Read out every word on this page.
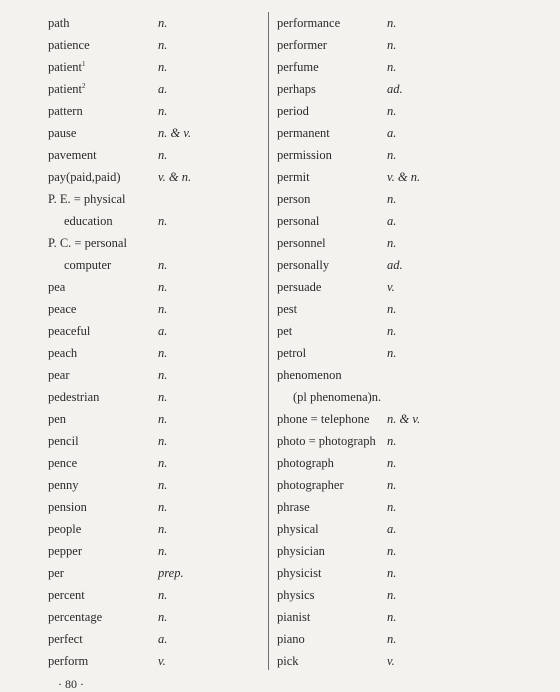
path	n.
patience	n.
patient$^1$	n.
patient$^2$	a.
pattern	n.
pause	n. & v.
pavement	n.
pay(paid,paid)	v. & n.
P. E. = physical
education	n.
P. C. = personal
computer	n.
pea	n.
peace	n.
peaceful	a.
peach	n.
pear	n.
pedestrian	n.
pen	n.
pencil	n.
pence	n.
penny	n.
pension	n.
people	n.
pepper	n.
per	prep.
percent	n.
percentage	n.
perfect	a.
perform	v.
performance	n.
performer	n.
perfume	n.
perhaps	ad.
period	n.
permanent	a.
permission	n.
permit	v. & n.
person	n.
personal	a.
personnel	n.
personally	ad.
persuade	v.
pest	n.
pet	n.
petrol	n.
phenomenon
(pl phenomena)n.
phone = telephone n. & v.
photo = photograph n.
photograph	n.
photographer	n.
phrase	n.
physical	a.
physician	n.
physicist	n.
physics	n.
pianist	n.
piano	n.
pick	v.
· 80 ·
